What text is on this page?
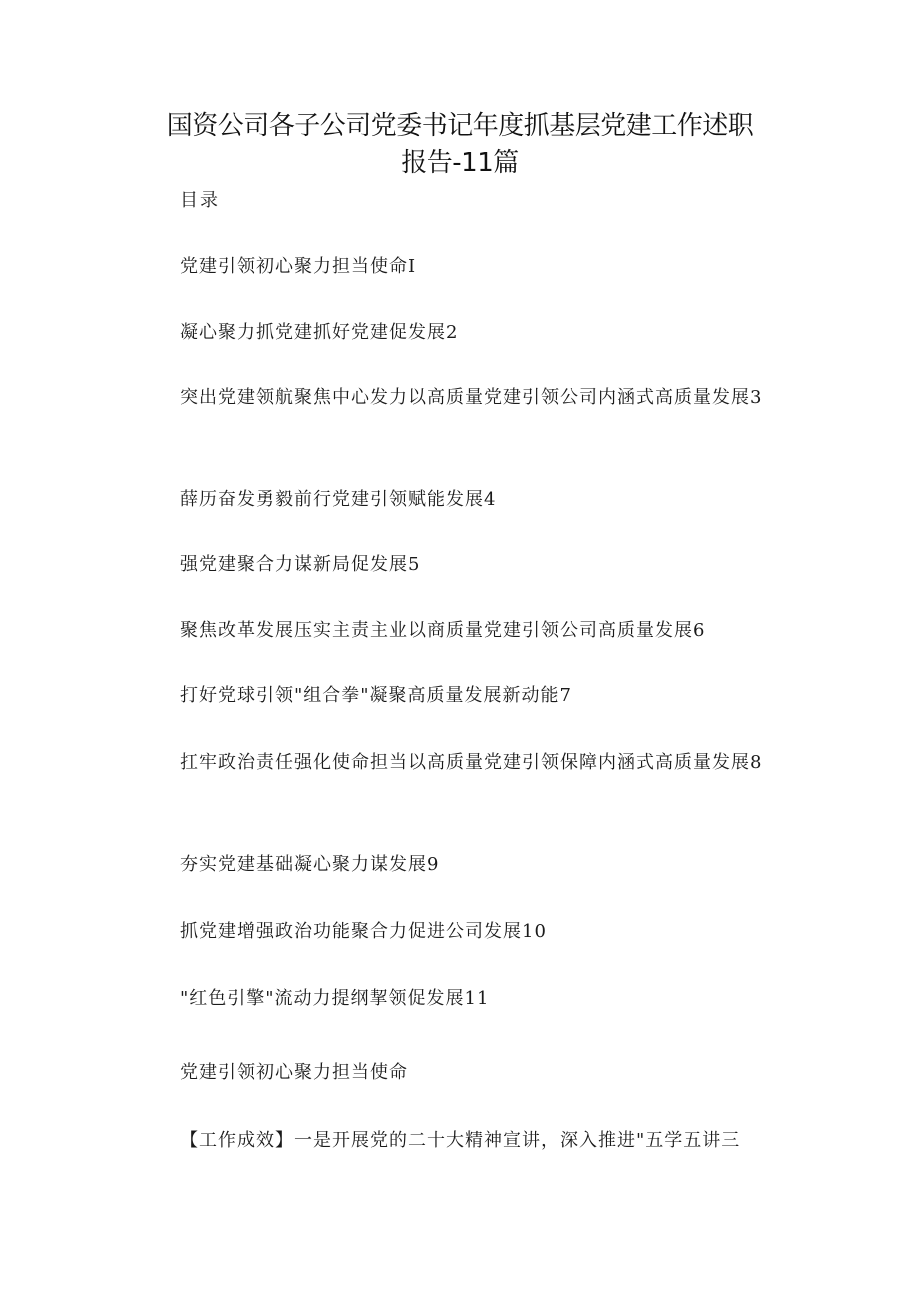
国资公司各子公司党委书记年度抓基层党建工作述职
报告-11篇
目录
党建引领初心聚力担当使命I
凝心聚力抓党建抓好党建促发展2
突出党建领航聚焦中心发力以高质量党建引领公司内涵式高质量发展3
薛历奋发勇毅前行党建引领赋能发展4
强党建聚合力谋新局促发展5
聚焦改革发展压实主责主业以商质量党建引领公司高质量发展6
打好党球引领"组合拳"凝聚高质量发展新动能7
扛牢政治责任强化使命担当以高质量党建引领保障内涵式高质量发展8
夯实党建基础凝心聚力谋发展9
抓党建增强政治功能聚合力促进公司发展10
"红色引擎"流动力提纲挈领促发展11
党建引领初心聚力担当使命
【工作成效】一是开展党的二十大精神宣讲，深入推进"五学五讲三
